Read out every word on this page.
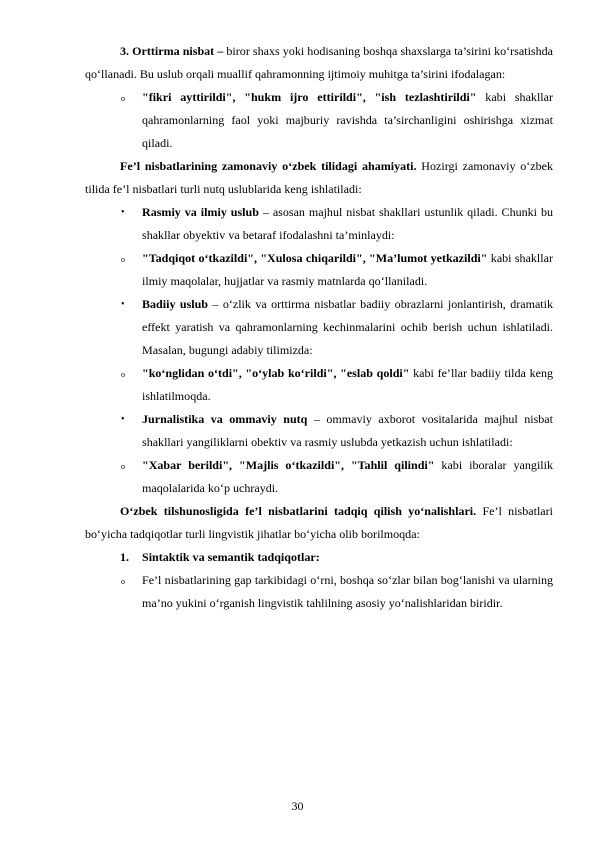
3. Orttirma nisbat – biror shaxs yoki hodisaning boshqa shaxslarga ta’sirini ko‘rsatishda qo‘llanadi. Bu uslub orqali muallif qahramonning ijtimoiy muhitga ta’sirini ifodalagan:

o "fikri ayttirildi", "hukm ijro ettirildi", "ish tezlashtirildi" kabi shakllar qahramonlarning faol yoki majburiy ravishda ta’sirchanligini oshirishga xizmat qiladi.

Fe’l nisbatlarining zamonaviy o‘zbek tilidagi ahamiyati. Hozirgi zamonaviy o‘zbek tilida fe’l nisbatlari turli nutq uslublarida keng ishlatiladi:

• Rasmiy va ilmiy uslub – asosan majhul nisbat shakllari ustunlik qiladi. Chunki bu shakllar obyektiv va betaraf ifodalashni ta’minlaydi:

o "Tadqiqot o‘tkazildi", "Xulosa chiqarildi", "Ma’lumot yetkazildi" kabi shakllar ilmiy maqolalar, hujjatlar va rasmiy matnlarda qo‘llaniladi.

• Badiiy uslub – o‘zlik va orttirma nisbatlar badiiy obrazlarni jonlantirish, dramatik effekt yaratish va qahramonlarning kechinmalarini ochib berish uchun ishlatiladi. Masalan, bugungi adabiy tilimizda:

o "ko‘nglidan o‘tdi", "o‘ylab ko‘rildi", "eslab qoldi" kabi fe’llar badiiy tilda keng ishlatilmoqda.

• Jurnalistika va ommaviy nutq – ommaviy axborot vositalarida majhul nisbat shakllari yangiliklarni obektiv va rasmiy uslubda yetkazish uchun ishlatiladi:

o "Xabar berildi", "Majlis o‘tkazildi", "Tahlil qilindi" kabi iboralar yangilik maqolalarida ko‘p uchraydi.

O‘zbek tilshunosligida fe’l nisbatlarini tadqiq qilish yo‘nalishlari. Fe’l nisbatlari bo‘yicha tadqiqotlar turli lingvistik jihatlar bo‘yicha olib borilmoqda:

1. Sintaktik va semantik tadqiqotlar:

o Fe’l nisbatlarining gap tarkibidagi o‘rni, boshqa so‘zlar bilan bog‘lanishi va ularning ma’no yukini o‘rganish lingvistik tahlilning asosiy yo‘nalishlaridan biridir.

30
